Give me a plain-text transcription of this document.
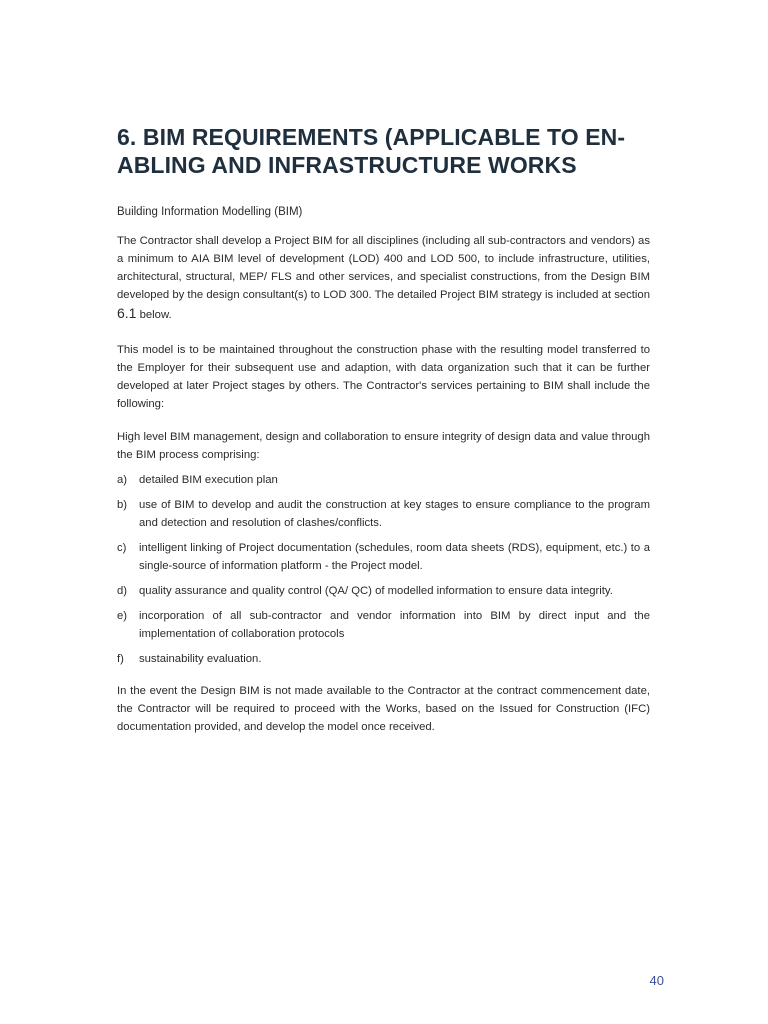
6. BIM REQUIREMENTS (APPLICABLE TO EN-
ABLING AND INFRASTRUCTURE WORKS

Building Information Modelling (BIM)

The Contractor shall develop a Project BIM for all disciplines (including all sub-contractors and vendors) as a minimum to AIA BIM level of development (LOD) 400 and LOD 500, to include infrastructure, utilities, architectural, structural, MEP/ FLS and other services, and specialist constructions, from the Design BIM developed by the design consultant(s) to LOD 300. The detailed Project BIM strategy is included at section 6.1 below.

This model is to be maintained throughout the construction phase with the resulting model transferred to the Employer for their subsequent use and adaption, with data organization such that it can be further developed at later Project stages by others. The Contractor's services pertaining to BIM shall include the following:

High level BIM management, design and collaboration to ensure integrity of design data and value through the BIM process comprising:

a)	detailed BIM execution plan
b)	use of BIM to develop and audit the construction at key stages to ensure compliance to the program and detection and resolution of clashes/conflicts.
c)	intelligent linking of Project documentation (schedules, room data sheets (RDS), equipment, etc.) to a single-source of information platform - the Project model.
d)	quality assurance and quality control (QA/ QC) of modelled information to ensure data integrity.
e)	incorporation of all sub-contractor and vendor information into BIM by direct input and the implementation of collaboration protocols
f)	sustainability evaluation.

In the event the Design BIM is not made available to the Contractor at the contract commencement date, the Contractor will be required to proceed with the Works, based on the Issued for Construction (IFC) documentation provided, and develop the model once received.

40
